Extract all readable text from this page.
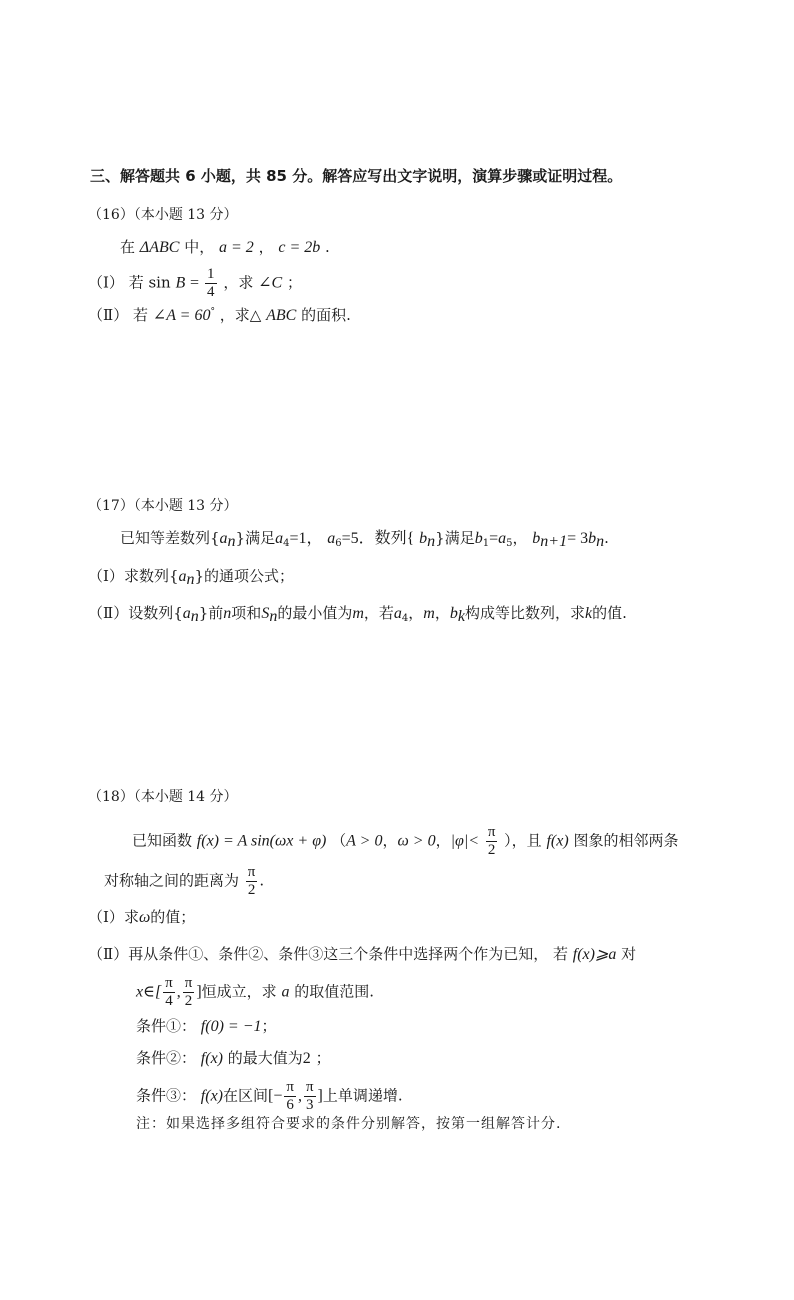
三、解答题共 6 小题，共 85 分。解答应写出文字说明，演算步骤或证明过程。
（16）（本小题 13 分）
在 ΔABC 中， a = 2 ， c = 2b .
（Ⅰ） 若 $\sin B = \frac{1}{4}$ ，求 ∠C ；
（Ⅱ） 若 ∠A = 60° ，求△ ABC 的面积.
（17）（本小题 13 分）
已知等差数列$\{a_n\}$满足$a_4=1$， $a_6=5$．数列{ $b_n$}满足$b_1=a_5$， $b_{n+1}= 3b_n$.
（Ⅰ）求数列$\{a_n\}$的通项公式；
（Ⅱ）设数列$\{a_n\}$前n项和$S_n$的最小值为m，若$a_4$，m，$b_k$构成等比数列，求k的值.
（18）（本小题 14 分）
已知函数 f(x) = A sin(ωx + φ) （A > 0，ω > 0，$|\varphi|< \frac{\pi}{2}$ ），且 f(x) 图象的相邻两条
对称轴之间的距离为 $\frac{\pi}{2}$ .
（Ⅰ）求ω的值；
（Ⅱ）再从条件①、条件②、条件③这三个条件中选择两个作为已知， 若 f(x)⩾a 对
x∈[ $\frac{\pi}{4}$ , $\frac{\pi}{2}$ ]恒成立，求 a 的取值范围.
条件①： f(0) = −1；
条件②： f(x) 的最大值为2 ；
条件③： f(x)在区间[− $\frac{\pi}{6}$ , $\frac{\pi}{3}$ ]上单调递增.
注：如果选择多组符合要求的条件分别解答，按第一组解答计分.
